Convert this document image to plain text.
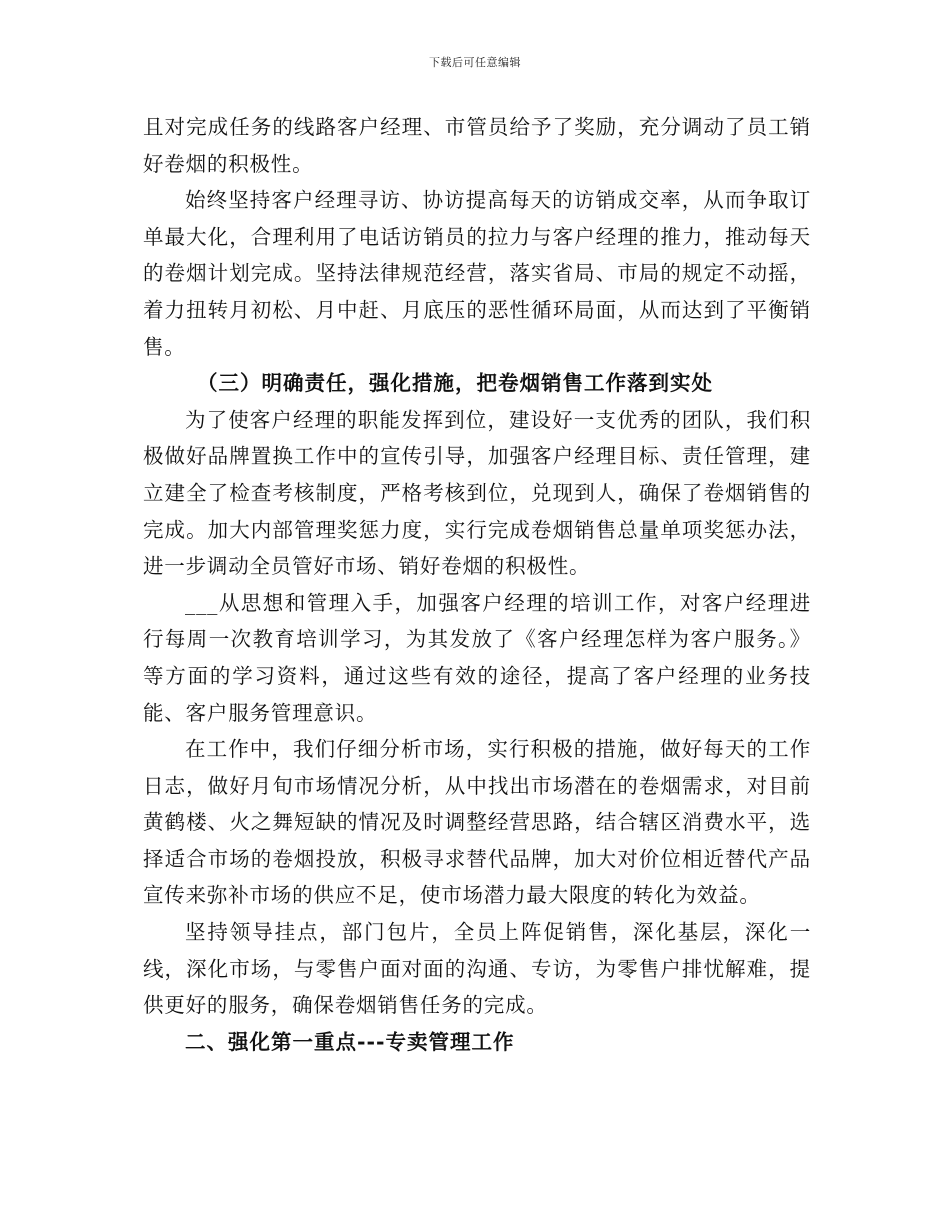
下载后可任意编辑

且对完成任务的线路客户经理、市管员给予了奖励，充分调动了员工销好卷烟的积极性。

始终坚持客户经理寻访、协访提高每天的访销成交率，从而争取订单最大化，合理利用了电话访销员的拉力与客户经理的推力，推动每天的卷烟计划完成。坚持法律规范经营，落实省局、市局的规定不动摇，着力扭转月初松、月中赶、月底压的恶性循环局面，从而达到了平衡销售。

（三）明确责任，强化措施，把卷烟销售工作落到实处

为了使客户经理的职能发挥到位，建设好一支优秀的团队，我们积极做好品牌置换工作中的宣传引导，加强客户经理目标、责任管理，建立建全了检查考核制度，严格考核到位，兑现到人，确保了卷烟销售的完成。加大内部管理奖惩力度，实行完成卷烟销售总量单项奖惩办法，进一步调动全员管好市场、销好卷烟的积极性。

___从思想和管理入手，加强客户经理的培训工作，对客户经理进行每周一次教育培训学习，为其发放了《客户经理怎样为客户服务。》等方面的学习资料，通过这些有效的途径，提高了客户经理的业务技能、客户服务管理意识。

在工作中，我们仔细分析市场，实行积极的措施，做好每天的工作日志，做好月旬市场情况分析，从中找出市场潜在的卷烟需求，对目前黄鹤楼、火之舞短缺的情况及时调整经营思路，结合辖区消费水平，选择适合市场的卷烟投放，积极寻求替代品牌，加大对价位相近替代产品宣传来弥补市场的供应不足，使市场潜力最大限度的转化为效益。

坚持领导挂点，部门包片，全员上阵促销售，深化基层，深化一线，深化市场，与零售户面对面的沟通、专访，为零售户排忧解难，提供更好的服务，确保卷烟销售任务的完成。

二、强化第一重点---专卖管理工作
